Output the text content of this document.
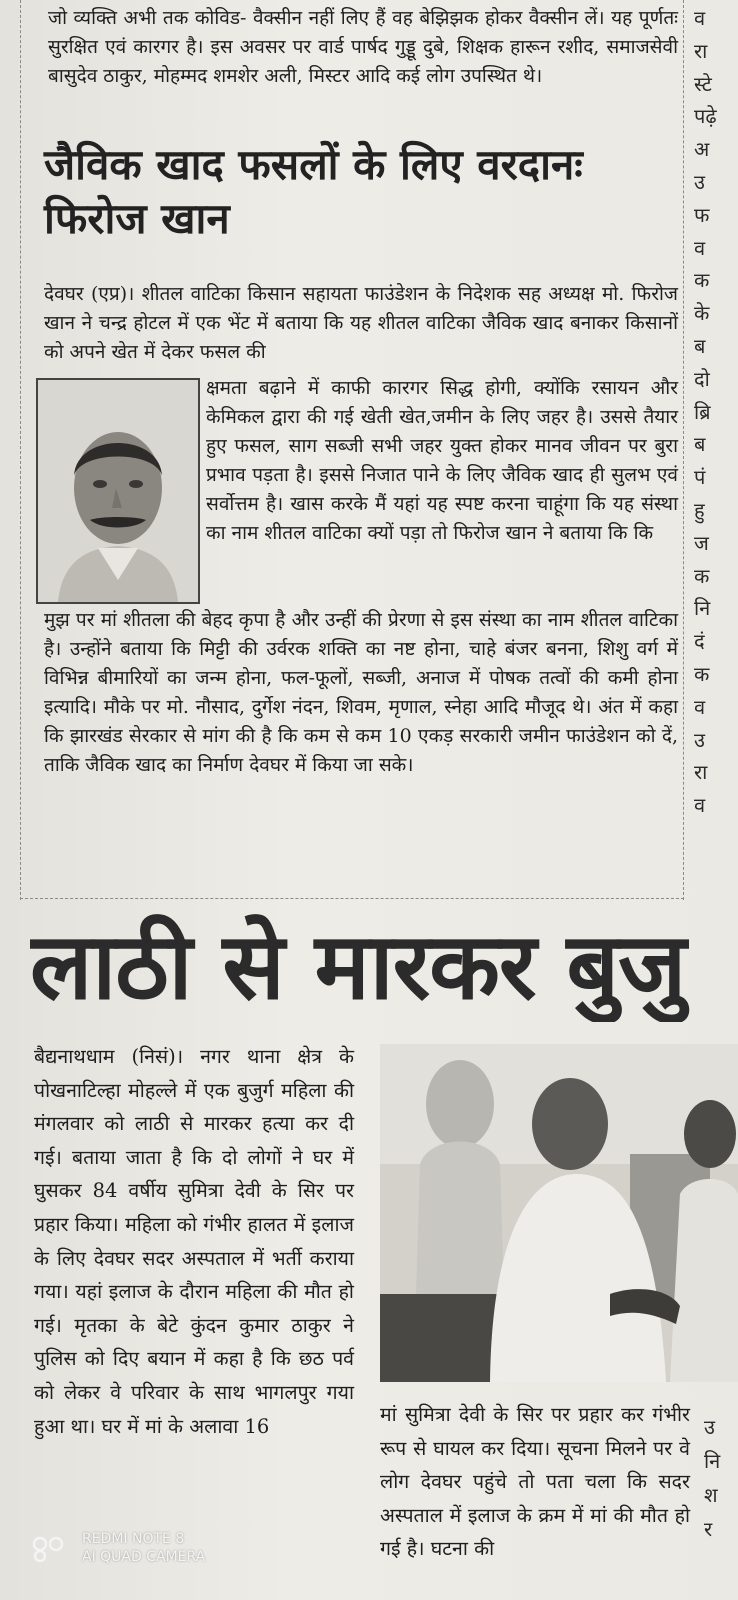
जो व्यक्ति अभी तक कोविड- वैक्सीन नहीं लिए हैं वह बेझिझक होकर वैक्सीन लें। यह पूर्णतः सुरक्षित एवं कारगर है। इस अवसर पर वार्ड पार्षद गुड्डू दुबे, शिक्षक हारून रशीद, समाजसेवी बासुदेव ठाकुर, मोहम्मद शमशेर अली, मिस्टर आदि कई लोग उपस्थित थे।

जैविक खाद फसलों के लिए वरदानः फिरोज खान

देवघर (एप्र)। शीतल वाटिका किसान सहायता फाउंडेशन के निदेशक सह अध्यक्ष मो. फिरोज खान ने चन्द्र होटल में एक भेंट में बताया कि यह शीतल वाटिका जैविक खाद बनाकर किसानों को अपने खेत में देकर फसल की

क्षमता बढ़ाने में काफी कारगर सिद्ध होगी, क्योंकि रसायन और केमिकल द्वारा की गई खेती खेत,जमीन के लिए जहर है। उससे तैयार हुए फसल, साग सब्जी सभी जहर युक्त होकर मानव जीवन पर बुरा प्रभाव पड़ता है। इससे निजात पाने के लिए जैविक खाद ही सुलभ एवं सर्वोत्तम है। खास करके मैं यहां यह स्पष्ट करना चाहूंगा कि यह संस्था का नाम शीतल वाटिका क्यों पड़ा तो फिरोज खान ने बताया कि कि

मुझ पर मां शीतला की बेहद कृपा है और उन्हीं की प्रेरणा से इस संस्था का नाम शीतल वाटिका है। उन्होंने बताया कि मिट्टी की उर्वरक शक्ति का नष्ट होना, चाहे बंजर बनना, शिशु वर्ग में विभिन्न बीमारियों का जन्म होना, फल-फूलों, सब्जी, अनाज में पोषक तत्वों की कमी होना इत्यादि। मौके पर मो. नौसाद, दुर्गेश नंदन, शिवम, मृणाल, स्नेहा आदि मौजूद थे। अंत में कहा कि झारखंड सेरकार से मांग की है कि कम से कम 10 एकड़ सरकारी जमीन फाउंडेशन को दें, ताकि जैविक खाद का निर्माण देवघर में किया जा सके।

व
रा
स्टे
पढ़े
अ
उ
फ
व
क
के
ब
दो
ब्रि
ब
पं
हु
ज
क
नि
दं
क
व
उ
रा
व
लाठी से मारकर बुजु

बैद्यनाथधाम (निसं)। नगर थाना क्षेत्र के पोखनाटिल्हा मोहल्ले में एक बुजुर्ग महिला की मंगलवार को लाठी से मारकर हत्या कर दी गई। बताया जाता है कि दो लोगों ने घर में घुसकर 84 वर्षीय सुमित्रा देवी के सिर पर प्रहार किया। महिला को गंभीर हालत में इलाज के लिए देवघर सदर अस्पताल में भर्ती कराया गया। यहां इलाज के दौरान महिला की मौत हो गई। मृतका के बेटे कुंदन कुमार ठाकुर ने पुलिस को दिए बयान में कहा है कि छठ पर्व को लेकर वे परिवार के साथ भागलपुर गया हुआ था। घर में मां के अलावा 16

मां सुमित्रा देवी के सिर पर प्रहार कर गंभीर रूप से घायल कर दिया। सूचना मिलने पर वे लोग देवघर पहुंचे तो पता चला कि सदर अस्पताल में इलाज के क्रम में मां की मौत हो गई है। घटना की

उ
नि
श
र
REDMI NOTE 8
AI QUAD CAMERA
